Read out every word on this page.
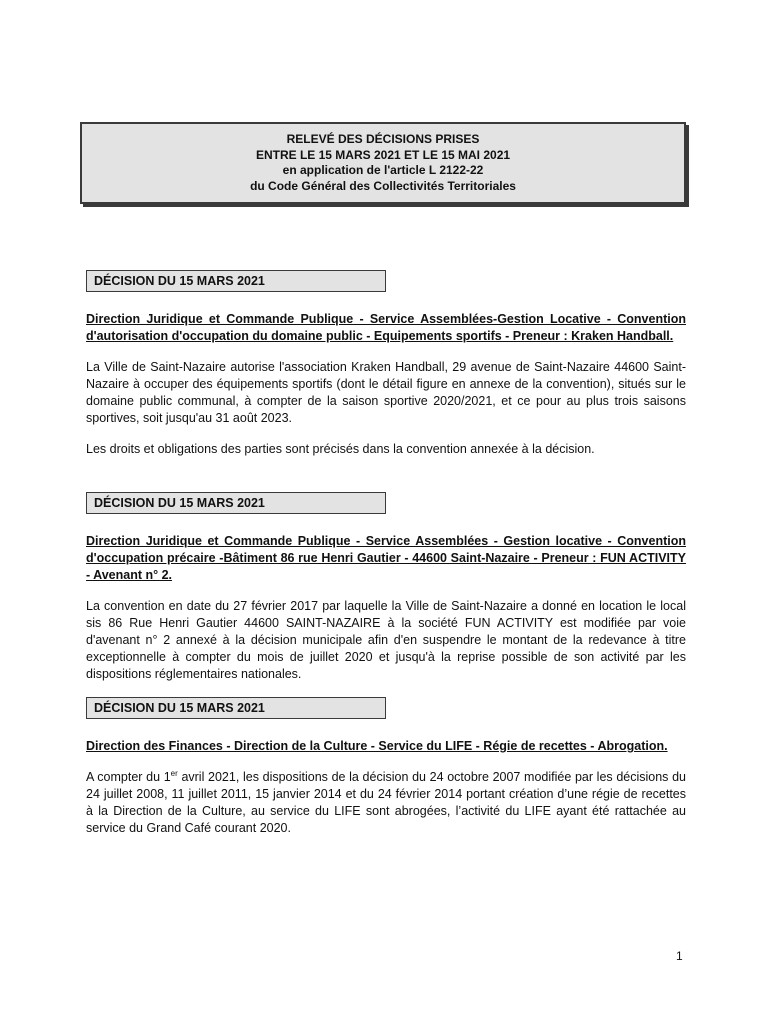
RELEVÉ DES DÉCISIONS PRISES
ENTRE LE 15 MARS 2021 ET LE 15 MAI 2021
en application de l'article L 2122-22
du Code Général des Collectivités Territoriales
DÉCISION DU 15 MARS 2021
Direction Juridique et Commande Publique - Service Assemblées-Gestion Locative - Convention d'autorisation d'occupation du domaine public - Equipements sportifs - Preneur : Kraken Handball.
La Ville de Saint-Nazaire autorise l'association Kraken Handball, 29 avenue de Saint-Nazaire 44600 Saint-Nazaire à occuper des équipements sportifs (dont le détail figure en annexe de la convention), situés sur le domaine public communal, à compter de la saison sportive 2020/2021, et ce pour au plus trois saisons sportives, soit jusqu'au 31 août 2023.
Les droits et obligations des parties sont précisés dans la convention annexée à la décision.
DÉCISION DU 15 MARS 2021
Direction Juridique et Commande Publique - Service Assemblées - Gestion locative - Convention d'occupation précaire -Bâtiment 86 rue Henri Gautier - 44600 Saint-Nazaire - Preneur : FUN ACTIVITY - Avenant n° 2.
La convention en date du 27 février 2017 par laquelle la Ville de Saint-Nazaire a donné en location le local sis 86 Rue Henri Gautier 44600 SAINT-NAZAIRE à la société FUN ACTIVITY est modifiée par voie d'avenant n° 2 annexé à la décision municipale afin d'en suspendre le montant de la redevance à titre exceptionnelle à compter du mois de juillet 2020 et jusqu'à la reprise possible de son activité par les dispositions réglementaires nationales.
DÉCISION DU 15 MARS 2021
Direction des Finances - Direction de la Culture - Service du LIFE - Régie de recettes - Abrogation.
A compter du 1er avril 2021, les dispositions de la décision du 24 octobre 2007 modifiée par les décisions du 24 juillet 2008, 11 juillet 2011, 15 janvier 2014 et du 24 février 2014 portant création d’une régie de recettes à la Direction de la Culture, au service du LIFE sont abrogées, l’activité du LIFE ayant été rattachée au service du Grand Café courant 2020.
1
